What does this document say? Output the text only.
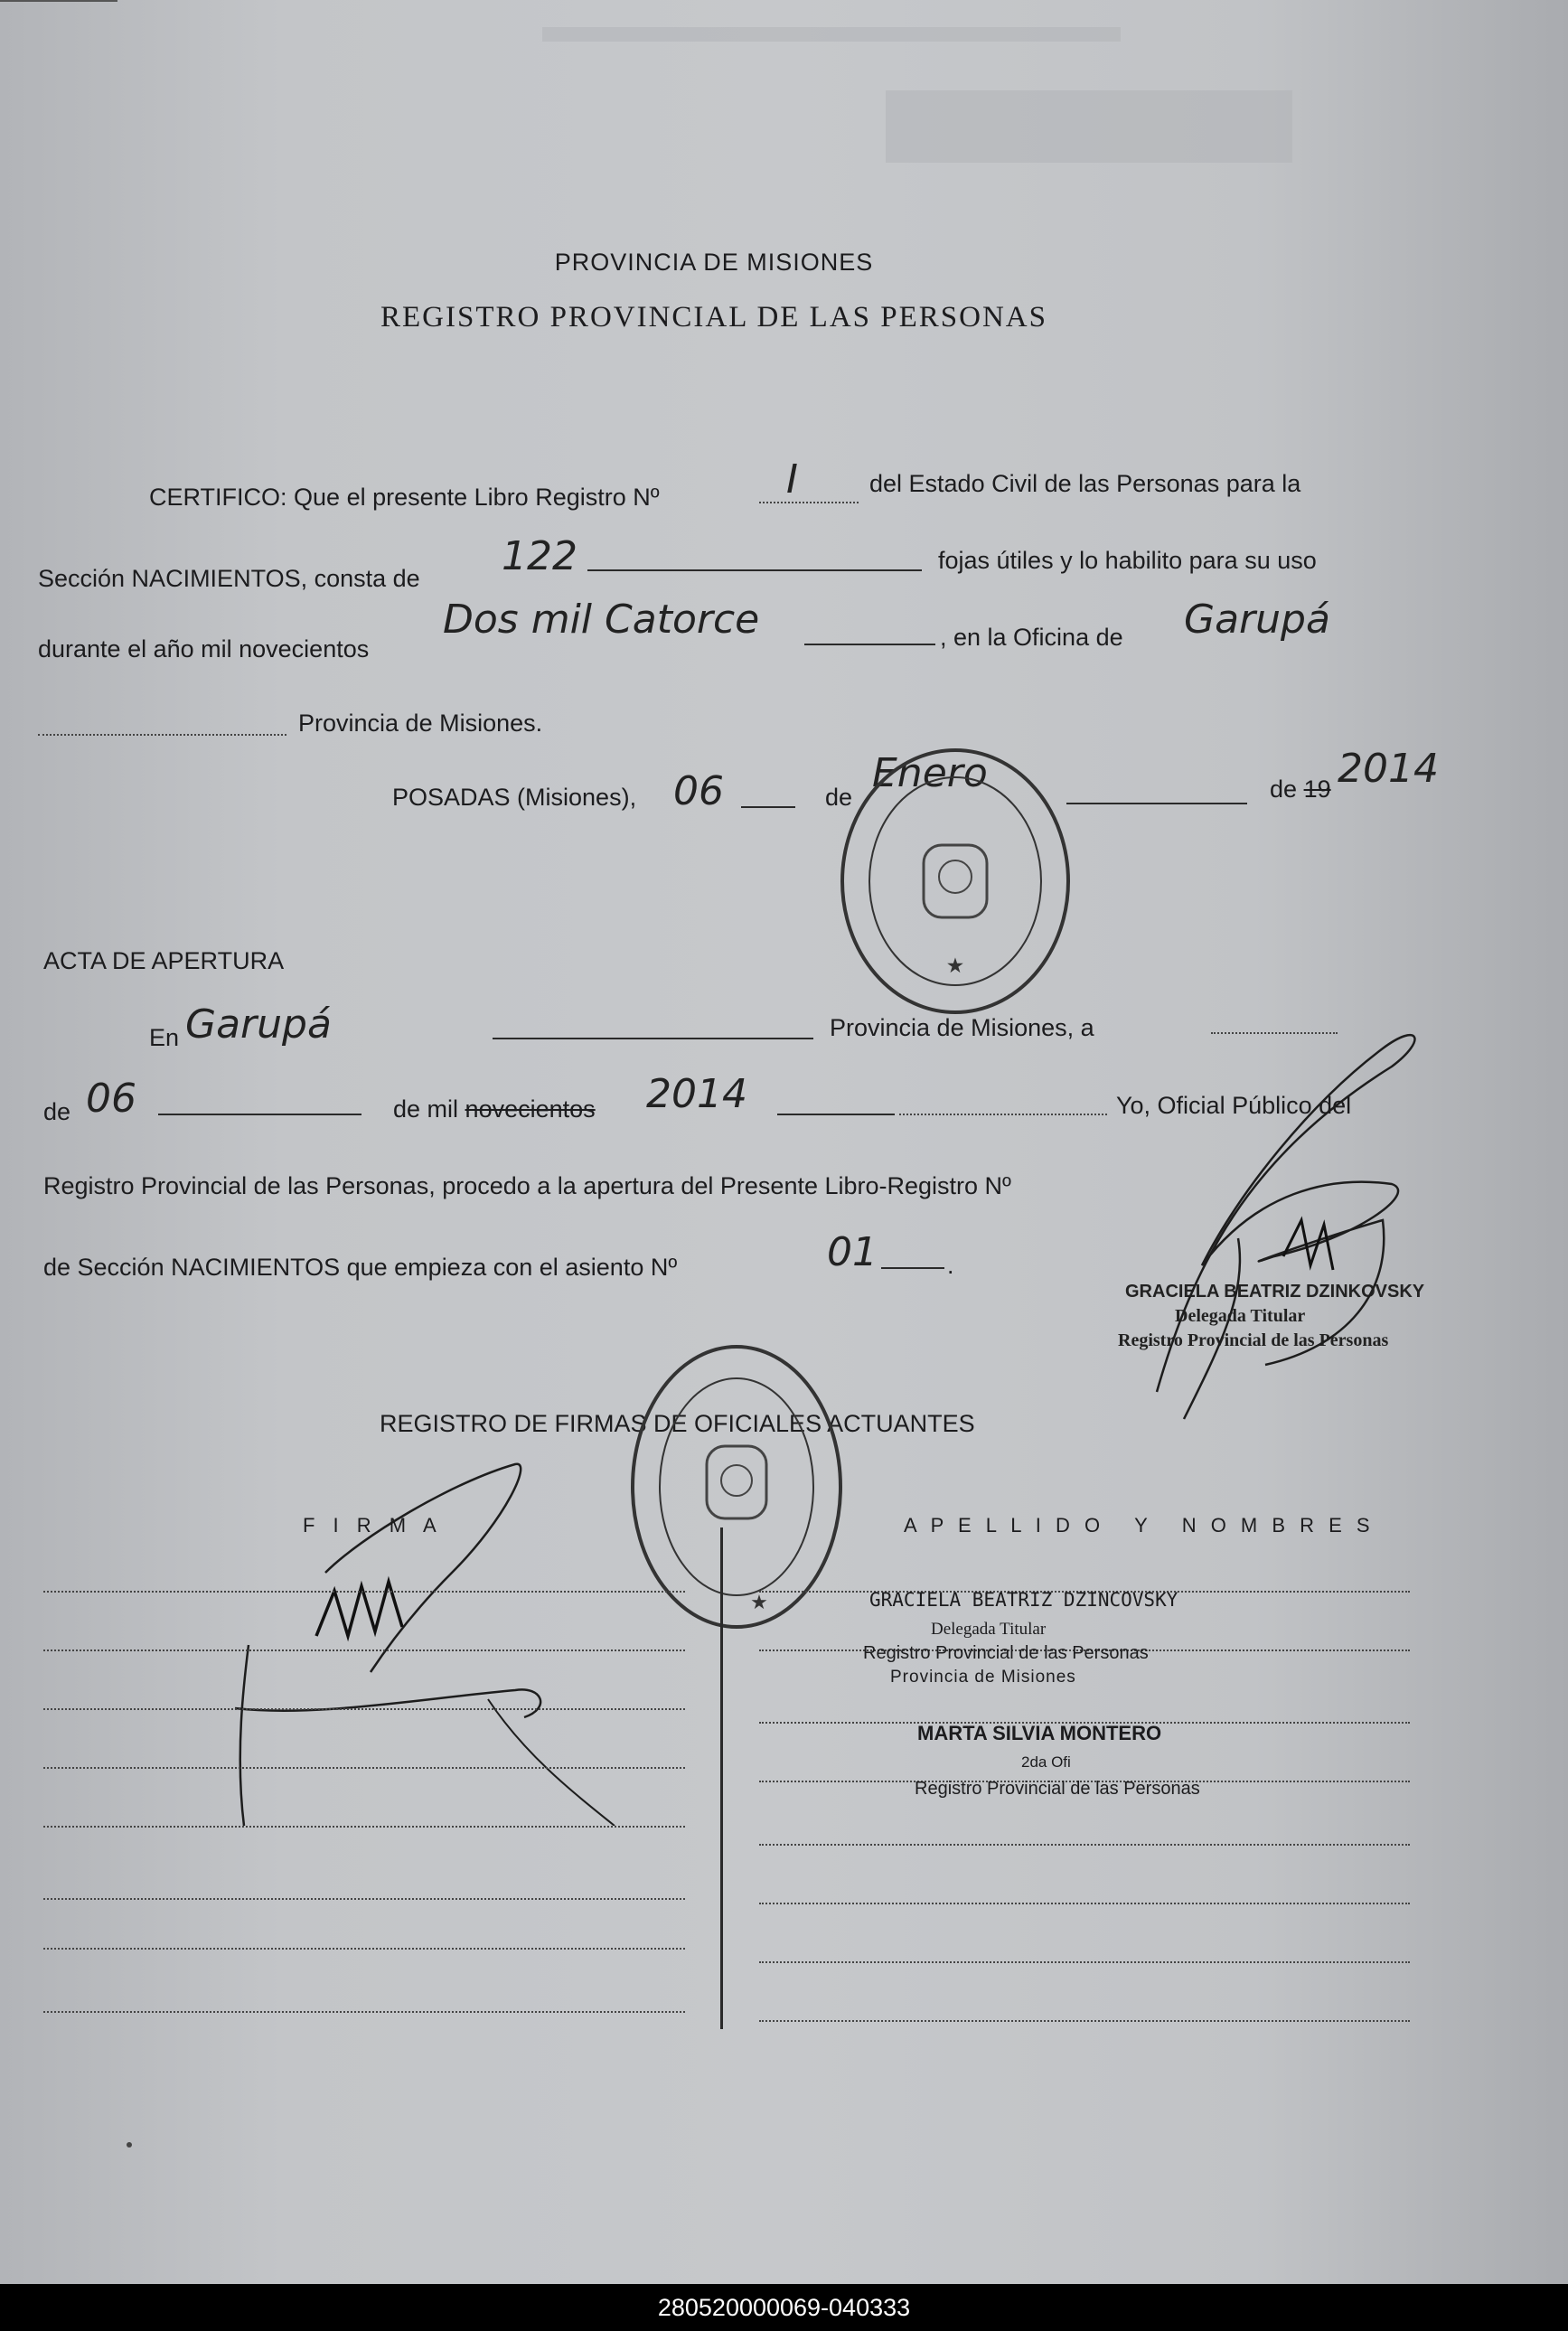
PROVINCIA DE MISIONES
REGISTRO PROVINCIAL DE LAS PERSONAS
CERTIFICO: Que el presente Libro Registro Nº	I	del Estado Civil de las Personas para la
Sección NACIMIENTOS, consta de 122	fojas útiles y lo habilito para su uso
durante el año mil novecientos
Dos mil Catorce	, en la Oficina de Garupá
Provincia de Misiones.
POSADAS (Misiones), 06	de
Enero	de 19 2014
★
ACTA DE APERTURA
En Garupá	Provincia de Misiones, a
de 06	de mil novecientos 2014	Yo, Oficial Público del
Registro Provincial de las Personas, procedo a la apertura del Presente Libro-Registro Nº
de Sección NACIMIENTOS que empieza con el asiento Nº	01	.
GRACIELA BEATRIZ DZINKOVSKY
Delegada Titular
Registro Provincial de las Personas
REGISTRO DE FIRMAS DE OFICIALES ACTUANTES
★
F I R M A	A P E L L I D O   Y   N O M B R E S
GRACIELA BEATRIZ DZINCOVSKY
Delegada Titular
Registro Provincial de las Personas
Provincia de Misiones
MARTA SILVIA MONTERO
2da Ofi
Registro Provincial de las Personas
280520000069-040333
